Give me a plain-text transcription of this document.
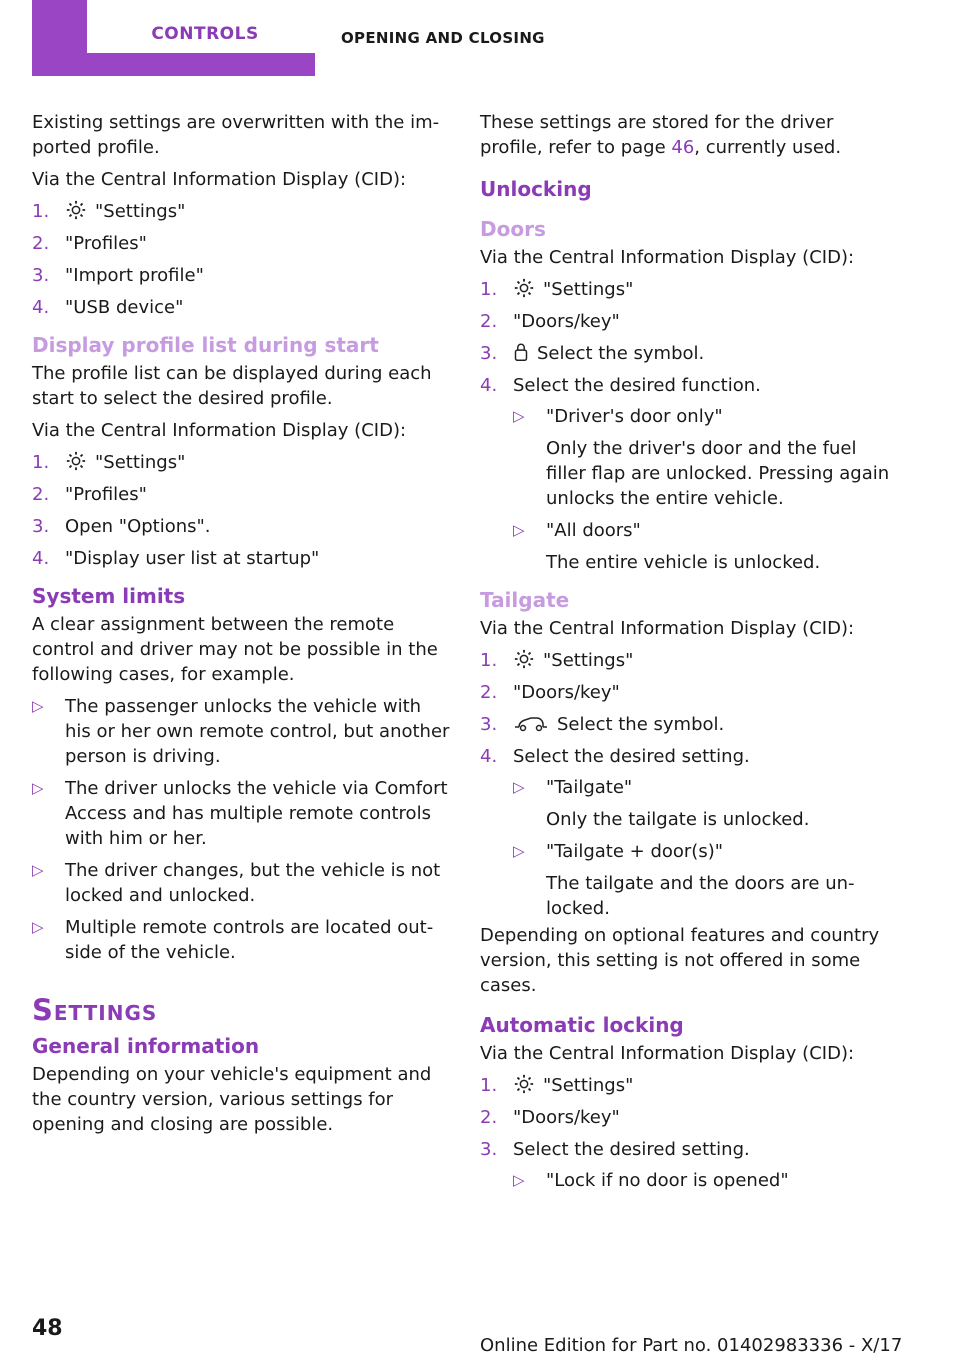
CONTROLS	OPENING AND CLOSING

Existing settings are overwritten with the imported profile.

Via the Central Information Display (CID):

1.	"Settings"
2. "Profiles"
3. "Import profile"
4. "USB device"
Display profile list during start

The profile list can be displayed during each start to select the desired profile.

Via the Central Information Display (CID):

1.	"Settings"
2. "Profiles"
3. Open "Options".
4. "Display user list at startup"
System limits

A clear assignment between the remote control and driver may not be possible in the following cases, for example.

▷ The passenger unlocks the vehicle with his or her own remote control, but another person is driving.
▷ The driver unlocks the vehicle via Comfort Access and has multiple remote controls with him or her.
▷ The driver changes, but the vehicle is not locked and unlocked.
▷ Multiple remote controls are located outside of the vehicle.
Settings
General information

Depending on your vehicle's equipment and the country version, various settings for opening and closing are possible.

These settings are stored for the driver profile, refer to page 46, currently used.

Unlocking
Doors

Via the Central Information Display (CID):

1.	"Settings"
2. "Doors/key"
3. Select the symbol.
4. Select the desired function.
▷ "Driver's door only"
Only the driver's door and the fuel filler flap are unlocked. Pressing again unlocks the entire vehicle.
▷ "All doors"
The entire vehicle is unlocked.
Tailgate

Via the Central Information Display (CID):

1.	"Settings"
2. "Doors/key"
3.	Select the symbol.
4. Select the desired setting.
▷ "Tailgate"
Only the tailgate is unlocked.
▷ "Tailgate + door(s)"
The tailgate and the doors are unlocked.

Depending on optional features and country version, this setting is not offered in some cases.

Automatic locking

Via the Central Information Display (CID):

1.	"Settings"
2. "Doors/key"
3. Select the desired setting.
▷ "Lock if no door is opened"
48
Online Edition for Part no. 01402983336 - X/17
